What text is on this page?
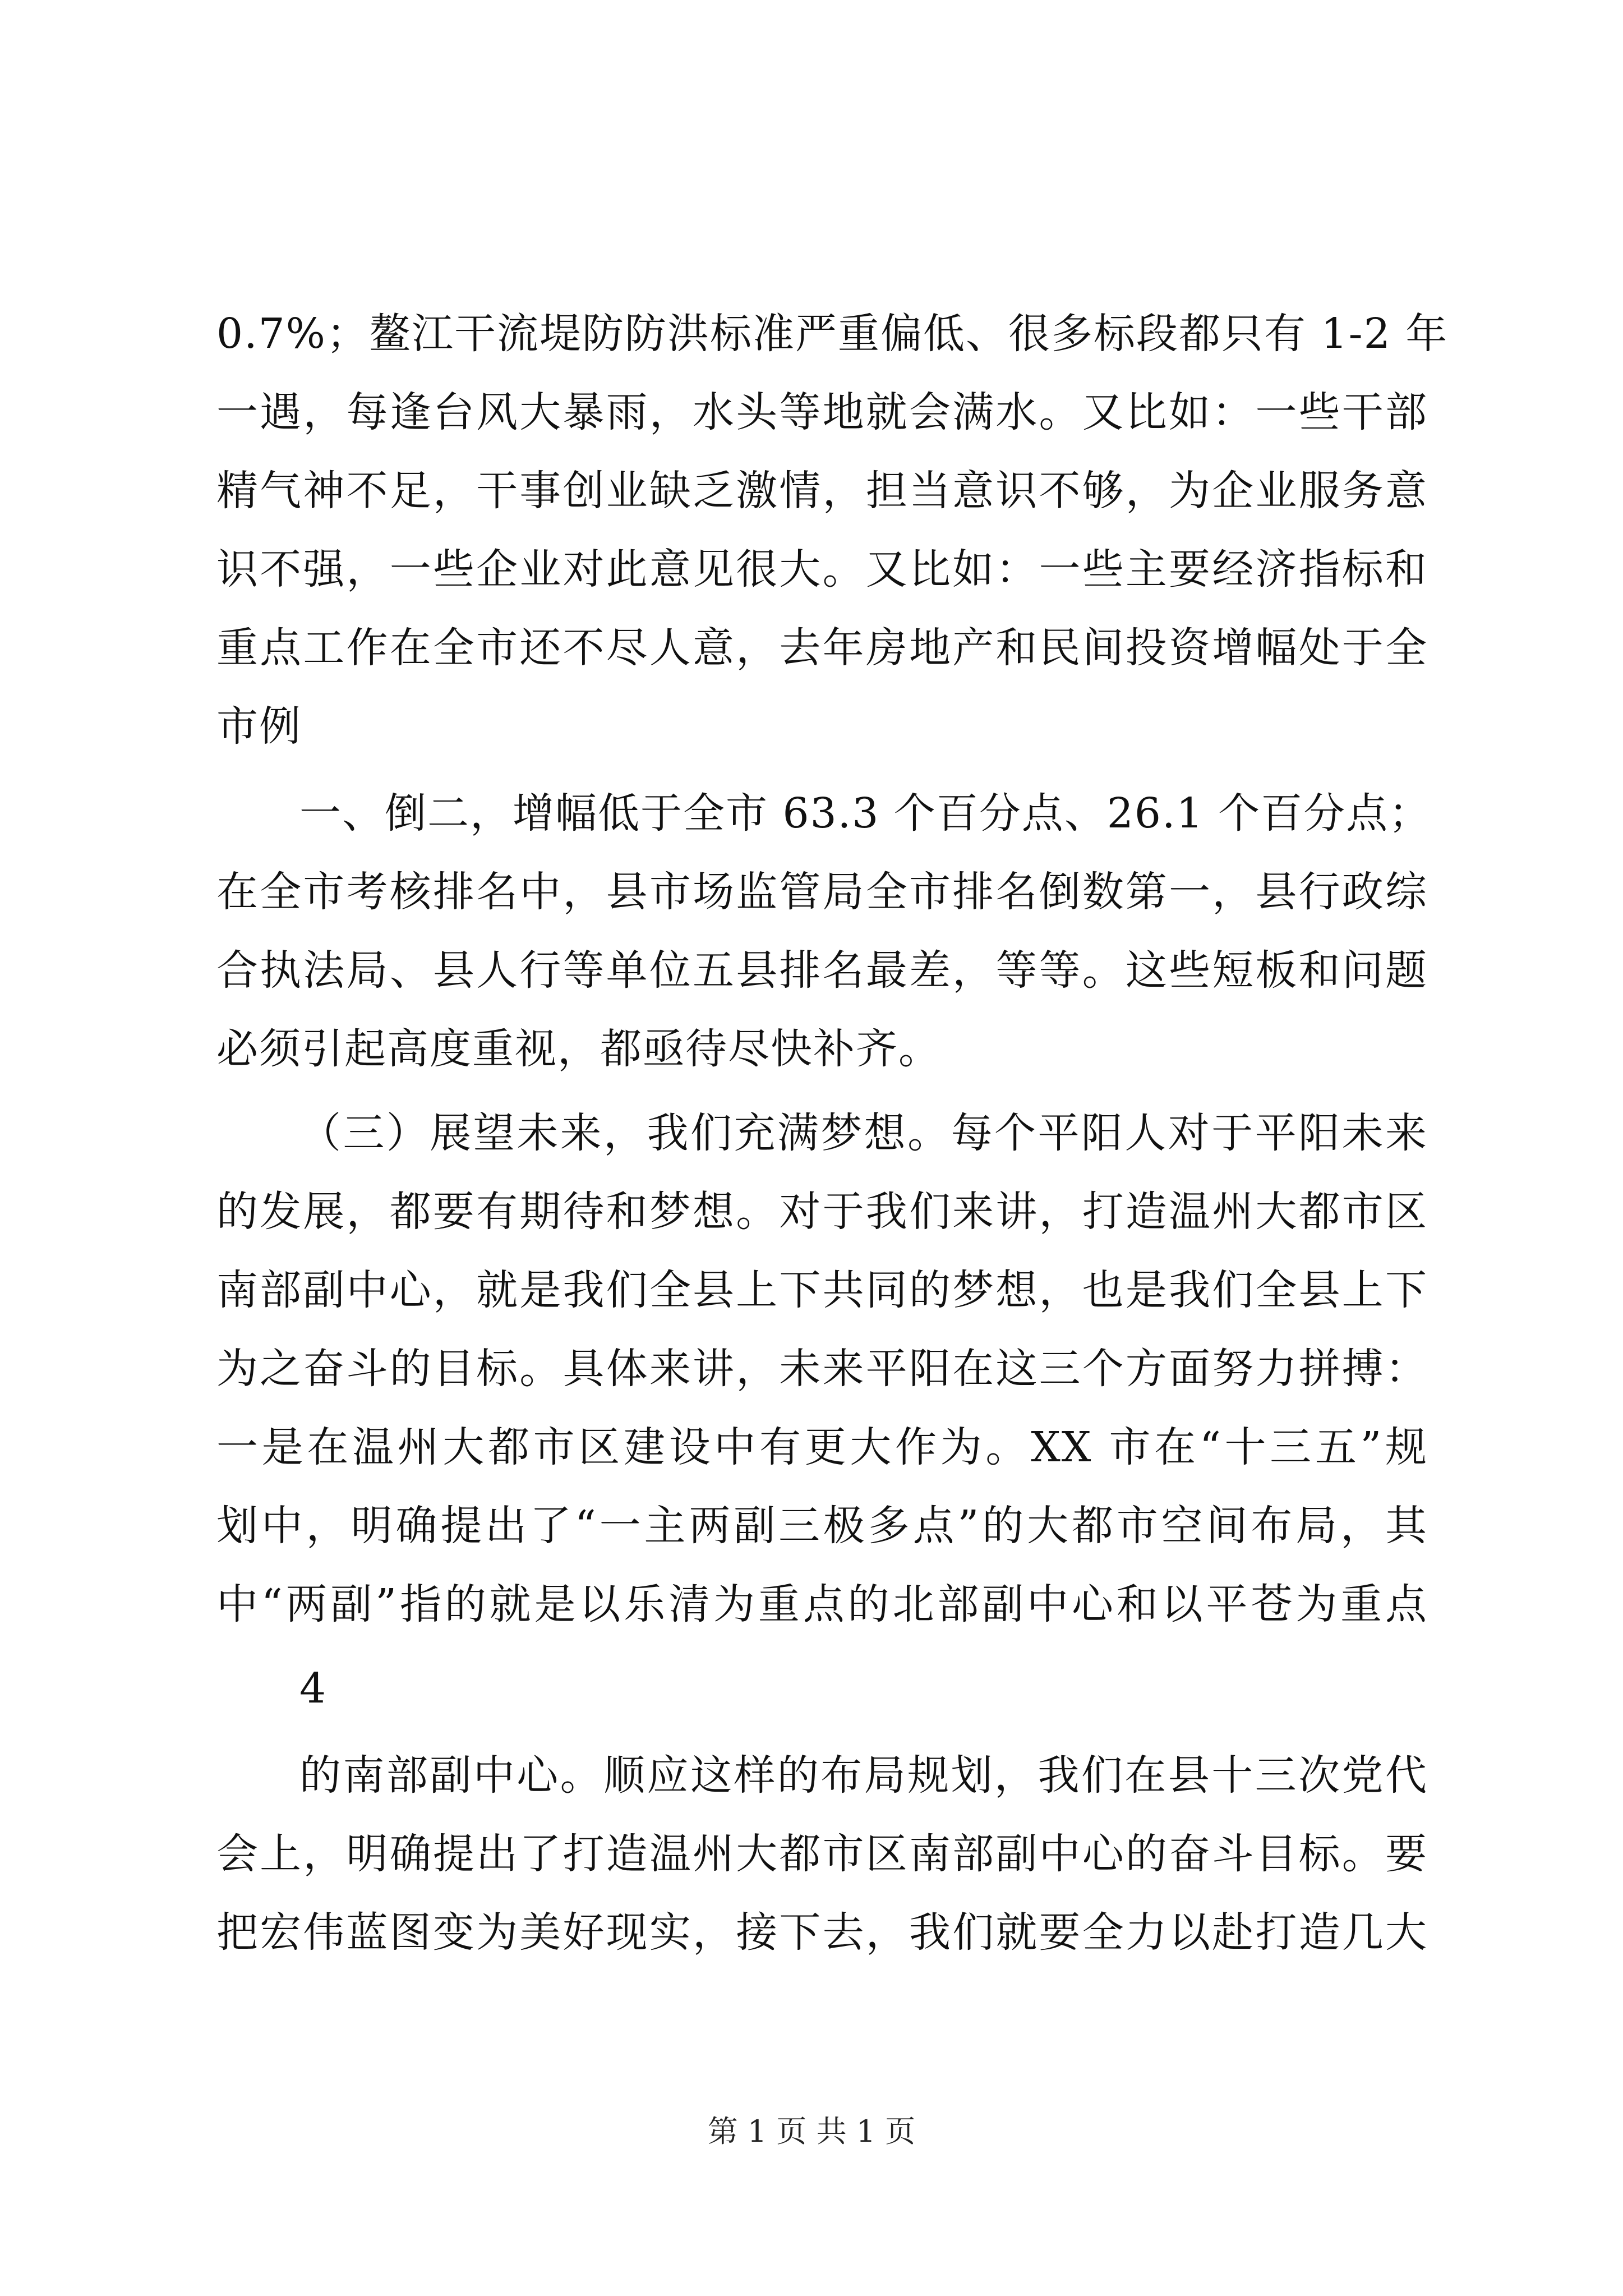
0.7%；鳌江干流堤防防洪标准严重偏低、很多标段都只有 1-2 年
一遇，每逢台风大暴雨，水头等地就会满水。又比如：一些干部
精气神不足，干事创业缺乏激情，担当意识不够，为企业服务意
识不强，一些企业对此意见很大。又比如：一些主要经济指标和
重点工作在全市还不尽人意，去年房地产和民间投资增幅处于全
市例
一、倒二，增幅低于全市 63.3 个百分点、26.1 个百分点；
在全市考核排名中，县市场监管局全市排名倒数第一，县行政综
合执法局、县人行等单位五县排名最差，等等。这些短板和问题
必须引起高度重视，都亟待尽快补齐。
（三）展望未来，我们充满梦想。每个平阳人对于平阳未来
的发展，都要有期待和梦想。对于我们来讲，打造温州大都市区
南部副中心，就是我们全县上下共同的梦想，也是我们全县上下
为之奋斗的目标。具体来讲，未来平阳在这三个方面努力拼搏：
一是在温州大都市区建设中有更大作为。XX 市在“十三五”规
划中，明确提出了“一主两副三极多点”的大都市空间布局，其
中“两副”指的就是以乐清为重点的北部副中心和以平苍为重点
4
的南部副中心。顺应这样的布局规划，我们在县十三次党代
会上，明确提出了打造温州大都市区南部副中心的奋斗目标。要
把宏伟蓝图变为美好现实，接下去，我们就要全力以赴打造几大
第 1 页 共 1 页
